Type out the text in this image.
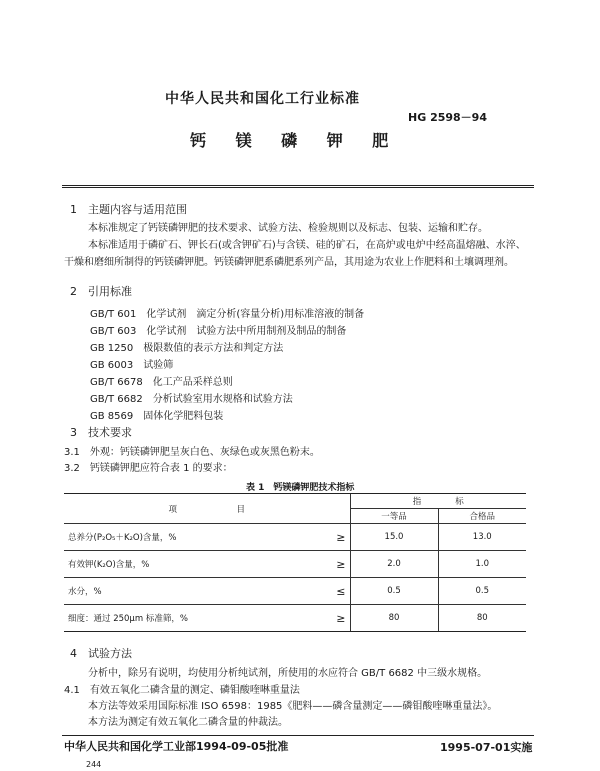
中华人民共和国化工行业标准
HG 2598－94
钙 镁 磷 钾 肥
1　主题内容与适用范围
本标准规定了钙镁磷钾肥的技术要求、试验方法、检验规则以及标志、包装、运输和贮存。
本标准适用于磷矿石、钾长石(或含钾矿石)与含镁、硅的矿石，在高炉或电炉中经高温熔融、水淬、
干燥和磨细所制得的钙镁磷钾肥。钙镁磷钾肥系磷肥系列产品，其用途为农业上作肥料和土壤调理剂。
2　引用标准
GB/T 601　化学试剂　滴定分析(容量分析)用标准溶液的制备
GB/T 603　化学试剂　试验方法中所用制剂及制品的制备
GB 1250　极限数值的表示方法和判定方法
GB 6003　试验筛
GB/T 6678　化工产品采样总则
GB/T 6682　分析试验室用水规格和试验方法
GB 8569　固体化学肥料包装
3　技术要求
3.1　外观：钙镁磷钾肥呈灰白色、灰绿色或灰黑色粉末。
3.2　钙镁磷钾肥应符合表 1 的要求：
表 1　钙镁磷钾肥技术指标
项　　　　　　　目	指　　　　标	
	一等品	合格品
总养分(P₂O₅＋K₂O)含量，% ≥	15.0	13.0
有效钾(K₂O)含量，% ≥	2.0	1.0
水分，% ≤	0.5	0.5
细度：通过 250μm 标准筛，% ≥	80	80
4　试验方法
分析中，除另有说明，均使用分析纯试剂，所使用的水应符合 GB/T 6682 中三级水规格。
4.1　有效五氧化二磷含量的测定、磷钼酸喹啉重量法
本方法等效采用国际标准 ISO 6598：1985《肥料——磷含量测定——磷钼酸喹啉重量法》。
本方法为测定有效五氧化二磷含量的仲裁法。
中华人民共和国化学工业部1994-09-05批准	1995-07-01实施
244
